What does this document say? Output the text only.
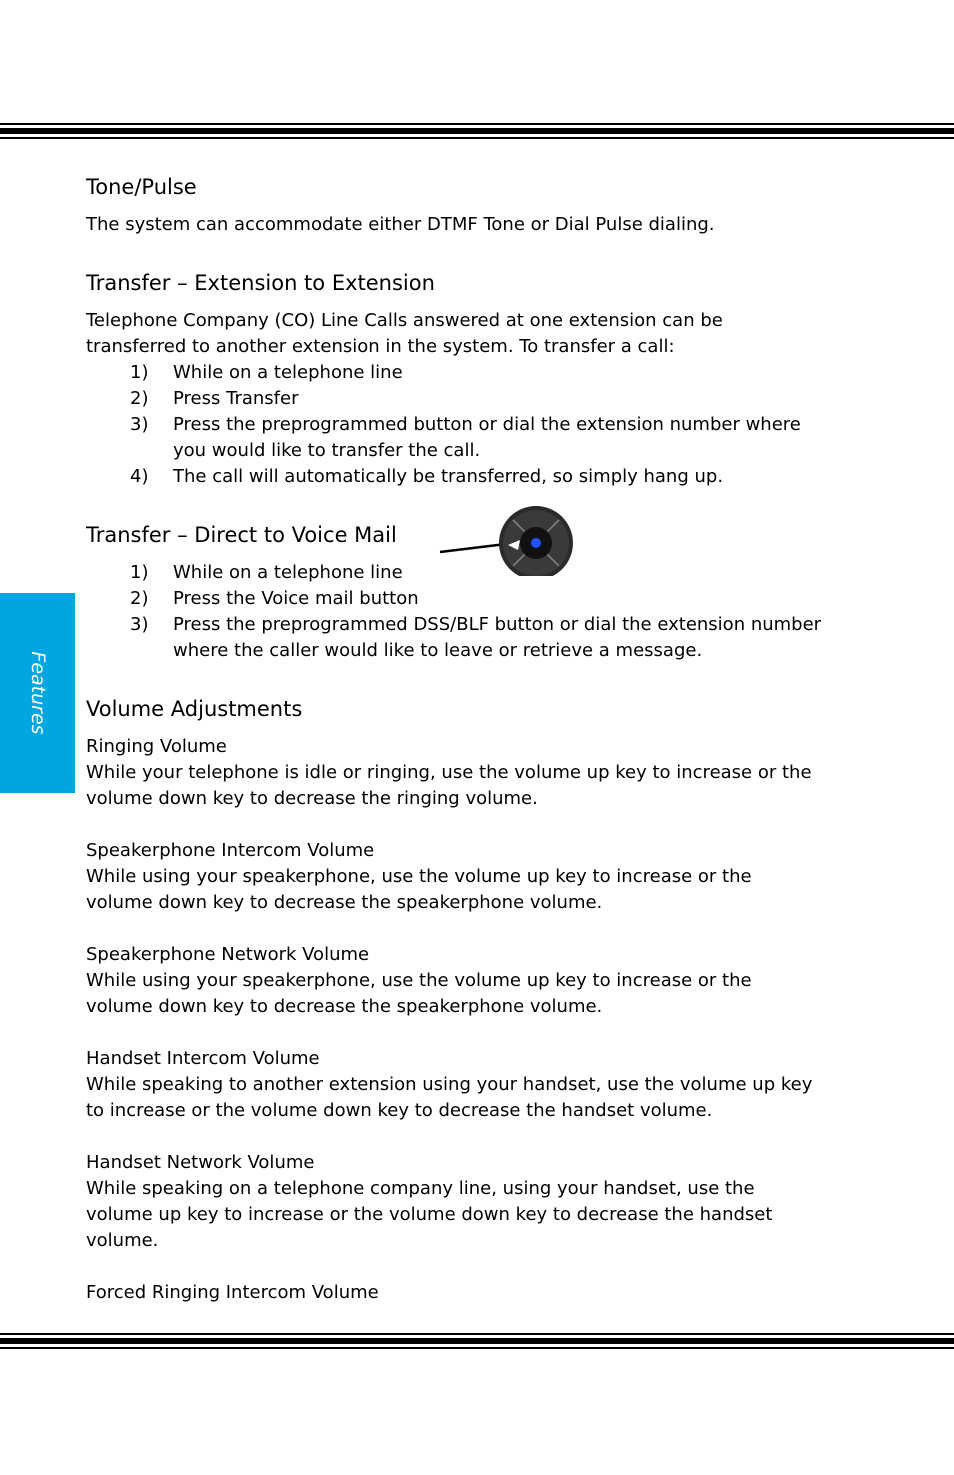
Features
Tone/Pulse

The system can accommodate either DTMF Tone or Dial Pulse dialing.

Transfer – Extension to Extension

Telephone Company (CO) Line Calls answered at one extension can be

transferred to another extension in the system. To transfer a call:

1) While on a telephone line
2) Press Transfer
3) Press the preprogrammed button or dial the extension number where
you would like to transfer the call.
4) The call will automatically be transferred, so simply hang up.
Transfer – Direct to Voice Mail
1) While on a telephone line
2) Press the Voice mail button
3) Press the preprogrammed DSS/BLF button or dial the extension number
where the caller would like to leave or retrieve a message.
Volume Adjustments

Ringing Volume

While your telephone is idle or ringing, use the volume up key to increase or the

volume down key to decrease the ringing volume.

Speakerphone Intercom Volume

While using your speakerphone, use the volume up key to increase or the

volume down key to decrease the speakerphone volume.

Speakerphone Network Volume

While using your speakerphone, use the volume up key to increase or the

volume down key to decrease the speakerphone volume.

Handset Intercom Volume

While speaking to another extension using your handset, use the volume up key

to increase or the volume down key to decrease the handset volume.

Handset Network Volume

While speaking on a telephone company line, using your handset, use the

volume up key to increase or the volume down key to decrease the handset

volume.

Forced Ringing Intercom Volume
